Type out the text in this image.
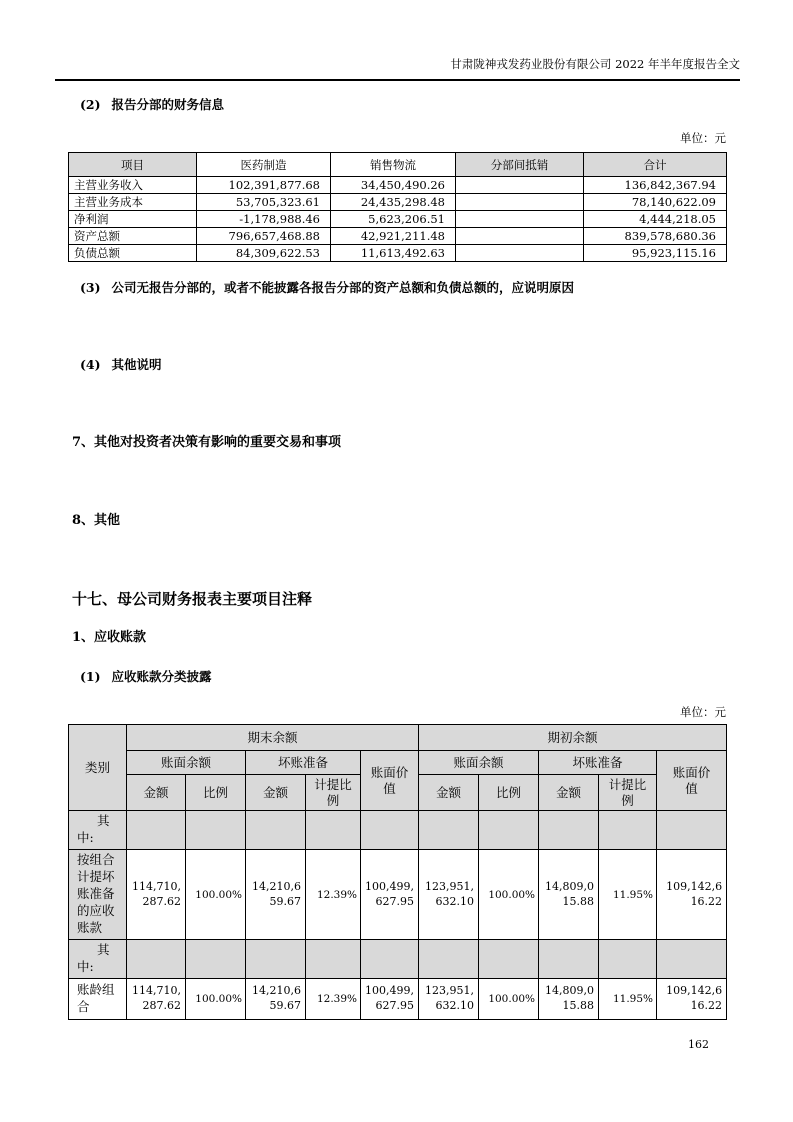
甘肃陇神戎发药业股份有限公司 2022 年半年度报告全文

(2) 报告分部的财务信息

单位：元
项目	医药制造	销售物流	分部间抵销	合计
主营业务收入	102,391,877.68	34,450,490.26		136,842,367.94
主营业务成本	53,705,323.61	24,435,298.48		78,140,622.09
净利润	-1,178,988.46	5,623,206.51		4,444,218.05
资产总额	796,657,468.88	42,921,211.48		839,578,680.36
负债总额	84,309,622.53	11,613,492.63		95,923,115.16

(3) 公司无报告分部的，或者不能披露各报告分部的资产总额和负债总额的，应说明原因

(4) 其他说明

7、其他对投资者决策有影响的重要交易和事项

8、其他

十七、母公司财务报表主要项目注释

1、应收账款

(1) 应收账款分类披露

单位：元
类别	期末余额					期初余额				
	账面余额		坏账准备		账面价值	账面余额		坏账准备		账面价值
	金额	比例	金额	计提比例		金额	比例	金额	计提比例	
其中:										
按组合计提坏账准备的应收账款	114,710,287.62	100.00%	14,210,659.67	12.39%	100,499,627.95	123,951,632.10	100.00%	14,809,015.88	11.95%	109,142,616.22
其中:										
账龄组合	114,710,287.62	100.00%	14,210,659.67	12.39%	100,499,627.95	123,951,632.10	100.00%	14,809,015.88	11.95%	109,142,616.22
162
